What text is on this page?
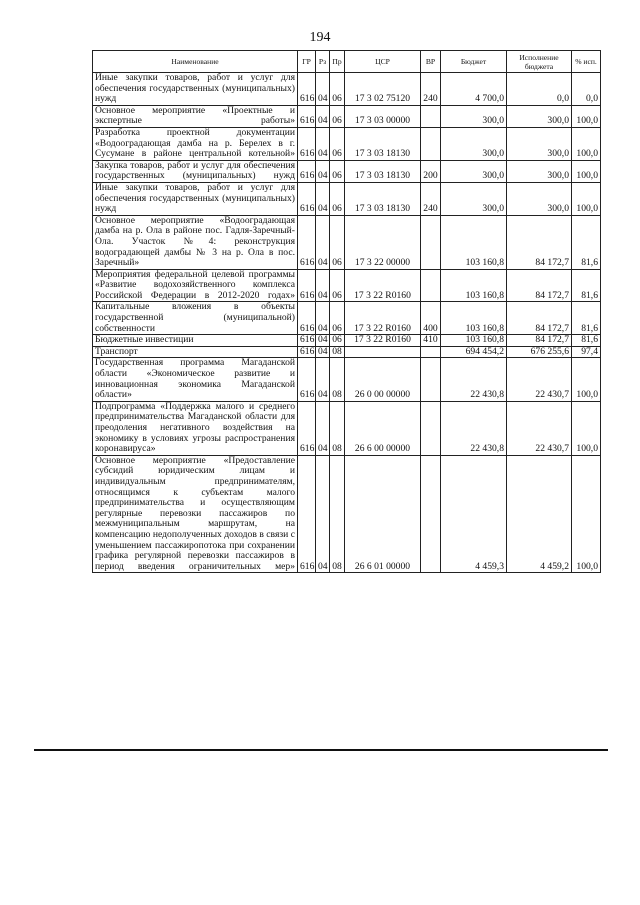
194
Наименование	ГР	Рз	Пр	ЦСР	ВР	Бюджет	Исполнение бюджета	% исп.
Иные закупки товаров, работ и услуг для обеспечения государственных (муниципальных) нужд	616	04	06	17 3 02 75120	240	4 700,0	0,0	0,0
Основное мероприятие «Проектные и экспертные работы»	616	04	06	17 3 03 00000		300,0	300,0	100,0
Разработка проектной документации «Водооградающая дамба на р. Берелех в г. Сусумане в районе центральной котельной»	616	04	06	17 3 03 18130		300,0	300,0	100,0
Закупка товаров, работ и услуг для обеспечения государственных (муниципальных) нужд	616	04	06	17 3 03 18130	200	300,0	300,0	100,0
Иные закупки товаров, работ и услуг для обеспечения государственных (муниципальных) нужд	616	04	06	17 3 03 18130	240	300,0	300,0	100,0
Основное мероприятие «Водооградающая дамба на р. Ола в районе пос. Гадля-Заречный-Ола. Участок №4: реконструкция водоградающей дамбы № 3 на р. Ола в пос. Заречный»	616	04	06	17 3 22 00000		103 160,8	84 172,7	81,6
Мероприятия федеральной целевой программы «Развитие водохозяйственного комплекса Российской Федерации в 2012-2020 годах»	616	04	06	17 3 22 R0160		103 160,8	84 172,7	81,6
Капитальные вложения в объекты государственной (муниципальной) собственности	616	04	06	17 3 22 R0160	400	103 160,8	84 172,7	81,6
Бюджетные инвестиции	616	04	06	17 3 22 R0160	410	103 160,8	84 172,7	81,6
Транспорт	616	04	08			694 454,2	676 255,6	97,4
Государственная программа Магаданской области «Экономическое развитие и инновационная экономика Магаданской области»	616	04	08	26 0 00 00000		22 430,8	22 430,7	100,0
Подпрограмма «Поддержка малого и среднего предпринимательства Магаданской области для преодоления негативного воздействия на экономику в условиях угрозы распространения коронавируса»	616	04	08	26 6 00 00000		22 430,8	22 430,7	100,0
Основное мероприятие «Предоставление субсидий юридическим лицам и индивидуальным предпринимателям, относящимся к субъектам малого предпринимательства и осуществляющим регулярные перевозки пассажиров по межмуниципальным маршрутам, на компенсацию недополученных доходов в связи с уменьшением пассажиропотока при сохранении графика регулярной перевозки пассажиров в период введения ограничительных мер»	616	04	08	26 6 01 00000		4 459,3	4 459,2	100,0
